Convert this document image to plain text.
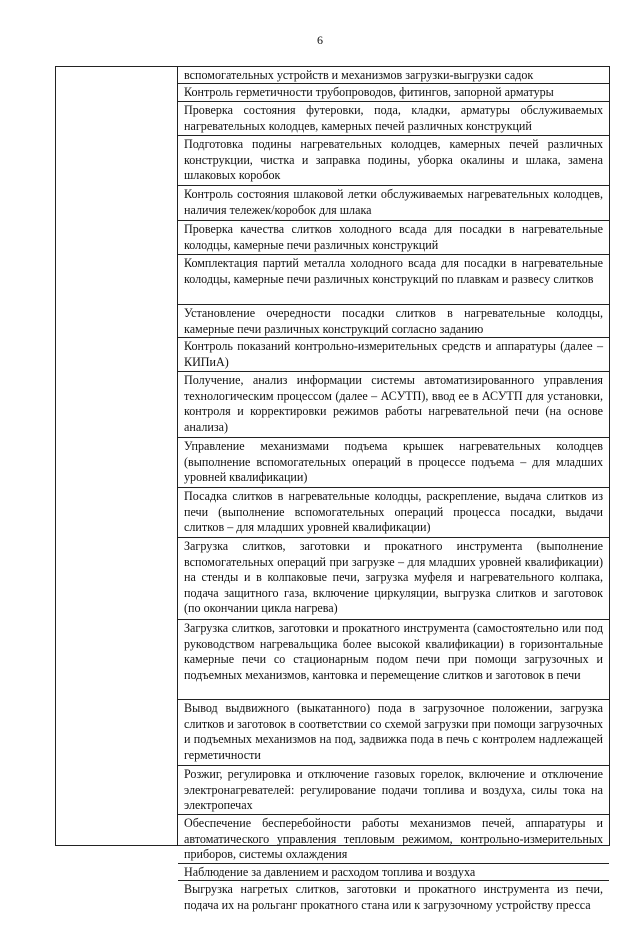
6
вспомогательных устройств и механизмов загрузки-выгрузки садок
Контроль герметичности трубопроводов, фитингов, запорной арматуры
Проверка состояния футеровки, пода, кладки, арматуры обслуживаемых нагревательных колодцев, камерных печей различных конструкций
Подготовка подины нагревательных колодцев, камерных печей различных конструкции, чистка и заправка подины, уборка окалины и шлака, замена шлаковых коробок
Контроль состояния шлаковой летки обслуживаемых нагревательных колодцев, наличия тележек/коробок для шлака
Проверка качества слитков холодного всада для посадки в нагревательные колодцы, камерные печи различных конструкций
Комплектация партий металла холодного всада для посадки в нагревательные колодцы, камерные печи различных конструкций по плавкам и развесу слитков
Установление очередности посадки слитков в нагревательные колодцы, камерные печи различных конструкций согласно заданию
Контроль показаний контрольно-измерительных средств и аппаратуры (далее – КИПиА)
Получение, анализ информации системы автоматизированного управления технологическим процессом (далее – АСУТП), ввод ее в АСУТП для установки, контроля и корректировки режимов работы нагревательной печи (на основе анализа)
Управление механизмами подъема крышек нагревательных колодцев (выполнение вспомогательных операций в процессе подъема – для младших уровней квалификации)
Посадка слитков в нагревательные колодцы, раскрепление, выдача слитков из печи (выполнение вспомогательных операций процесса посадки, выдачи слитков – для младших уровней квалификации)
Загрузка слитков, заготовки и прокатного инструмента (выполнение вспомогательных операций при загрузке – для младших уровней квалификации) на стенды и в колпаковые печи, загрузка муфеля и нагревательного колпака, подача защитного газа, включение циркуляции, выгрузка слитков и заготовок (по окончании цикла нагрева)
Загрузка слитков, заготовки и прокатного инструмента (самостоятельно или под руководством нагревальщика более высокой квалификации) в горизонтальные камерные печи со стационарным подом печи при помощи загрузочных и подъемных механизмов, кантовка и перемещение слитков и заготовок в печи
Вывод выдвижного (выкатанного) пода в загрузочное положении, загрузка слитков и заготовок в соответствии со схемой загрузки при помощи загрузочных и подъемных механизмов на под, задвижка пода в печь с контролем надлежащей герметичности
Розжиг, регулировка и отключение газовых горелок, включение и отключение электронагревателей: регулирование подачи топлива и воздуха, силы тока на электропечах
Обеспечение бесперебойности работы механизмов печей, аппаратуры и автоматического управления тепловым режимом, контрольно-измерительных приборов, системы охлаждения
Наблюдение за давлением и расходом топлива и воздуха
Выгрузка нагретых слитков, заготовки и прокатного инструмента из печи, подача их на рольганг прокатного стана или к загрузочному устройству пресса
